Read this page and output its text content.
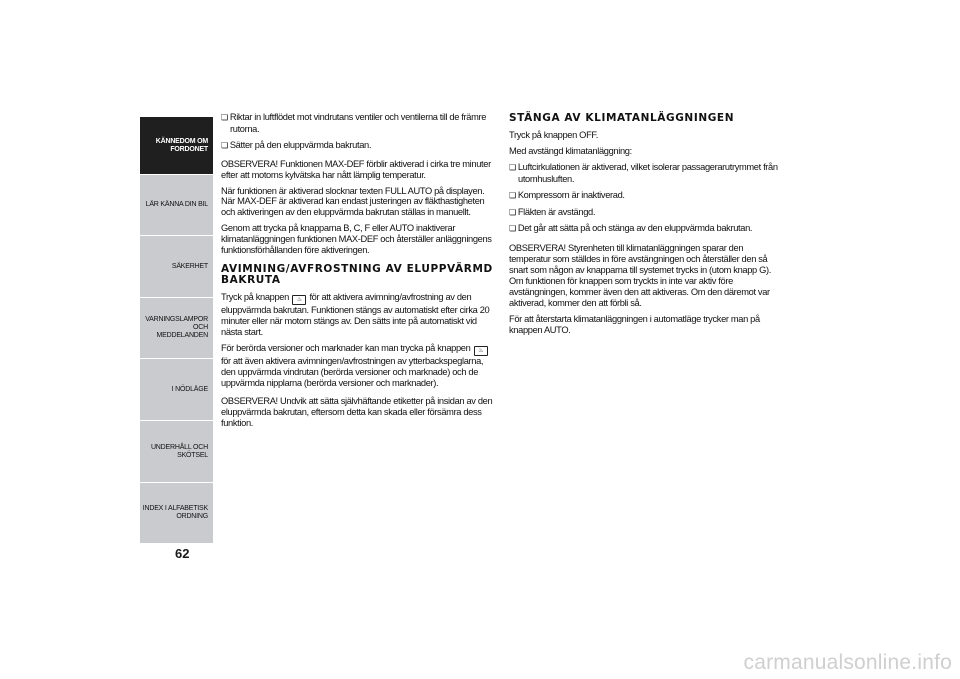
KÄNNEDOM OM
FORDONET
LÄR KÄNNA DIN BIL
SÄKERHET
VARNINGSLAMPOR
OCH MEDDELANDEN
I NÖDLÄGE
UNDERHÅLL OCH
SKÖTSEL
INDEX I ALFABETISK
ORDNING
62

❏ Riktar in luftflödet mot vindrutans ventiler och ventilerna till de främre rutorna.

❏ Sätter på den eluppvärmda bakrutan.

OBSERVERA! Funktionen MAX-DEF förblir aktiverad i cirka tre minuter efter att motorns kylvätska har nått lämplig temperatur.

När funktionen är aktiverad slocknar texten FULL AUTO på displayen. När MAX-DEF är aktiverad kan endast justeringen av fläkthastigheten och aktiveringen av den eluppvärmda bakrutan ställas in manuellt.

Genom att trycka på knapparna B, C, F eller AUTO inaktiverar klimatanläggningen funktionen MAX-DEF och återställer anläggningens funktionsförhållanden före aktiveringen.

AVIMNING/AVFROSTNING AV ELUPPVÄRMD BAKRUTA

Tryck på knappen ♨ för att aktivera avimning/avfrostning av den eluppvärmda bakrutan. Funktionen stängs av automatiskt efter cirka 20 minuter eller när motorn stängs av. Den sätts inte på automatiskt vid nästa start.

För berörda versioner och marknader kan man trycka på knappen ♨ för att även aktivera avimningen/avfrostningen av ytterbackspeglarna, den uppvärmda vindrutan (berörda versioner och marknade) och de uppvärmda nipplarna (berörda versioner och marknader).

OBSERVERA! Undvik att sätta självhäftande etiketter på insidan av den eluppvärmda bakrutan, eftersom detta kan skada eller försämra dess funktion.

STÄNGA AV KLIMATANLÄGGNINGEN

Tryck på knappen OFF.

Med avstängd klimatanläggning:

❏ Luftcirkulationen är aktiverad, vilket isolerar passagerarutrymmet från utomhusluften.

❏ Kompressorn är inaktiverad.

❏ Fläkten är avstängd.

❏ Det går att sätta på och stänga av den eluppvärmda bakrutan.

OBSERVERA! Styrenheten till klimatanläggningen sparar den temperatur som ställdes in före avstängningen och återställer den så snart som någon av knapparna till systemet trycks in (utom knapp G). Om funktionen för knappen som tryckts in inte var aktiv före avstängningen, kommer även den att aktiveras. Om den däremot var aktiverad, kommer den att förbli så.

För att återstarta klimatanläggningen i automatläge trycker man på knappen AUTO.

carmanualsonline.info
